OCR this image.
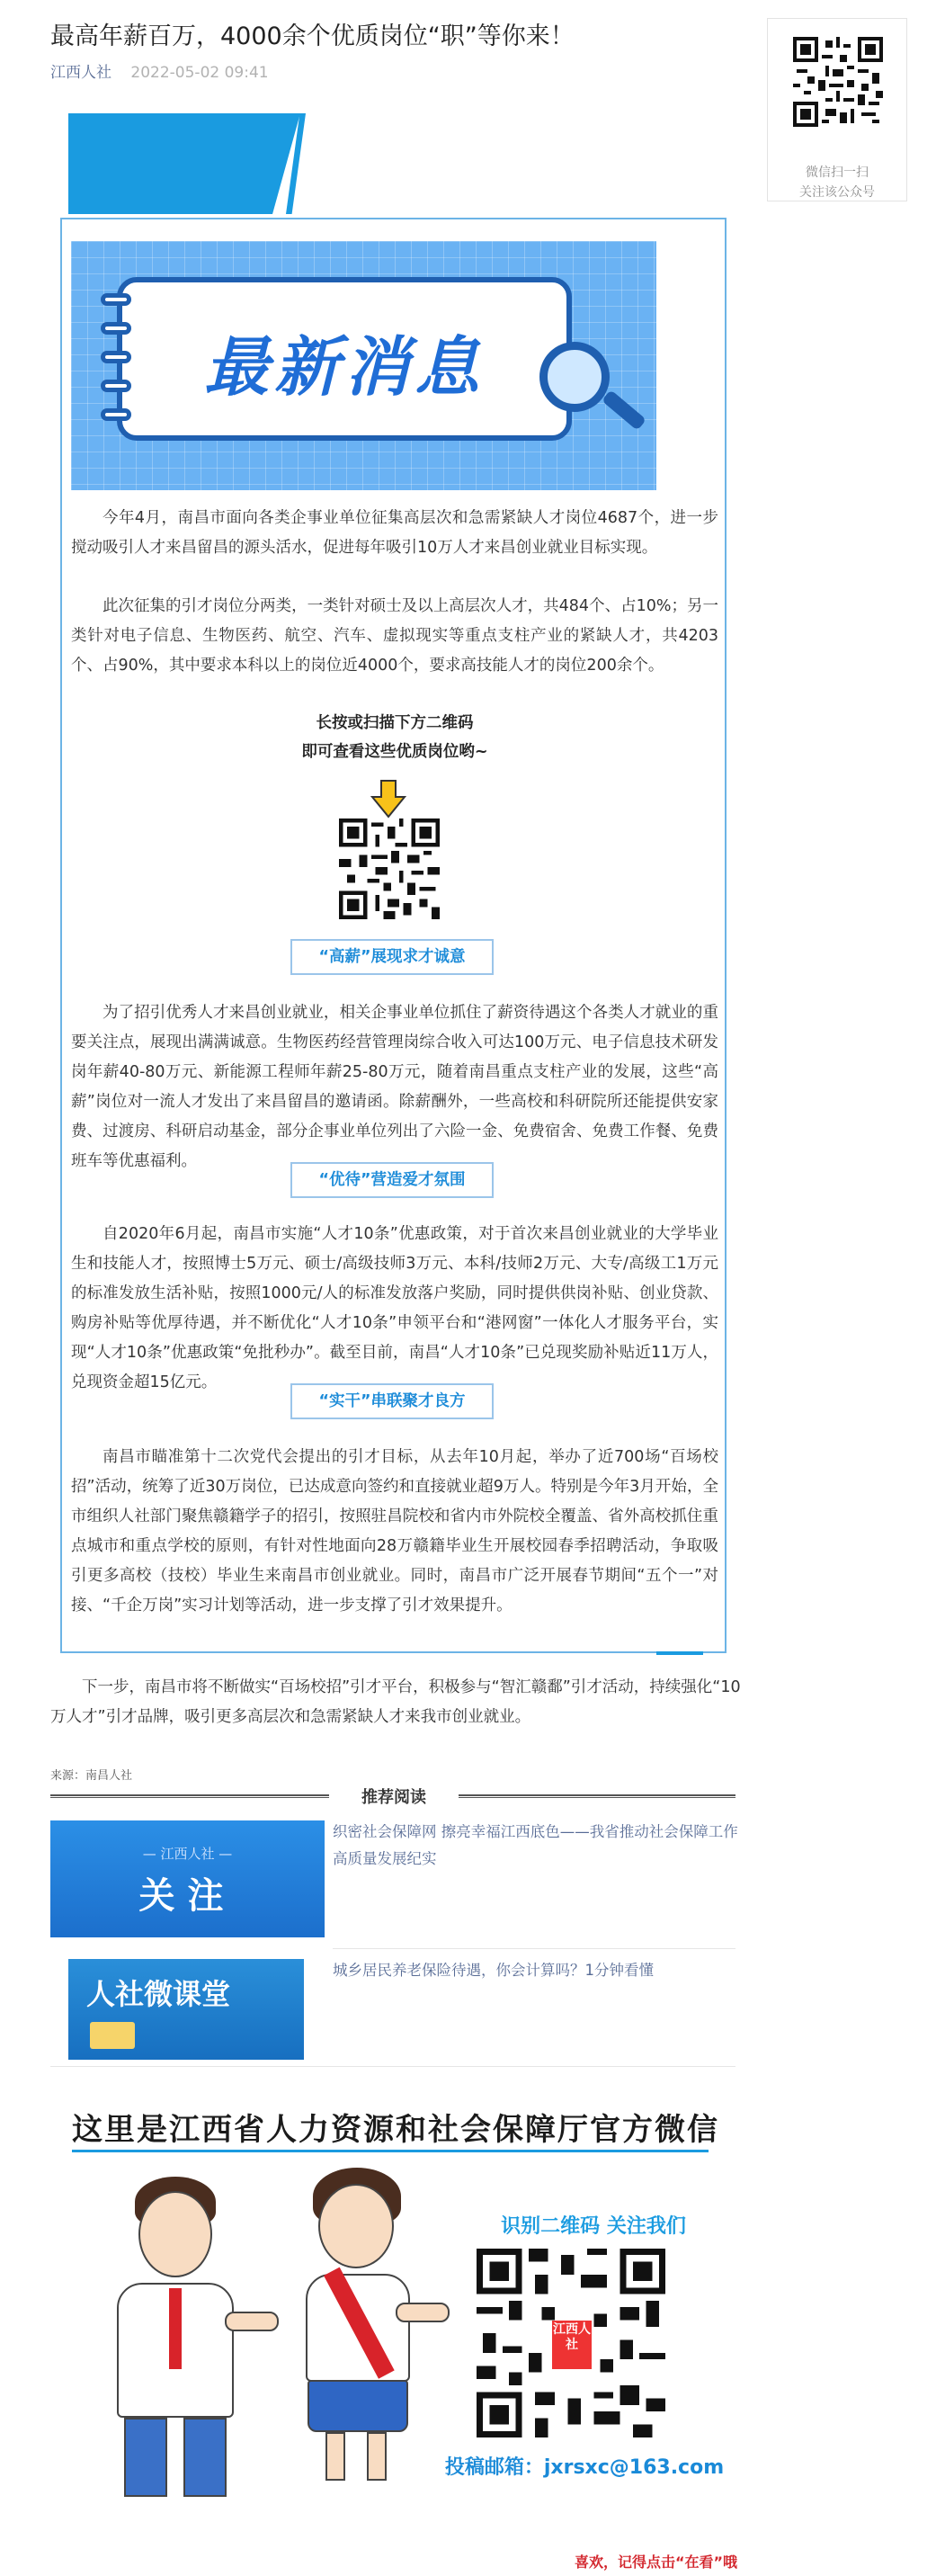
最高年薪百万，4000余个优质岗位“职”等你来！
江西人社 2022-05-02 09:41
微信扫一扫
关注该公众号
最新消息

今年4月，南昌市面向各类企事业单位征集高层次和急需紧缺人才岗位4687个，进一步搅动吸引人才来昌留昌的源头活水，促进每年吸引10万人才来昌创业就业目标实现。

此次征集的引才岗位分两类，一类针对硕士及以上高层次人才，共484个、占10%；另一类针对电子信息、生物医药、航空、汽车、虚拟现实等重点支柱产业的紧缺人才，共4203个、占90%，其中要求本科以上的岗位近4000个，要求高技能人才的岗位200余个。

长按或扫描下方二维码
即可查看这些优质岗位哟~
“高薪”展现求才诚意

为了招引优秀人才来昌创业就业，相关企事业单位抓住了薪资待遇这个各类人才就业的重要关注点，展现出满满诚意。生物医药经营管理岗综合收入可达100万元、电子信息技术研发岗年薪40-80万元、新能源工程师年薪25-80万元，随着南昌重点支柱产业的发展，这些“高薪”岗位对一流人才发出了来昌留昌的邀请函。除薪酬外，一些高校和科研院所还能提供安家费、过渡房、科研启动基金，部分企事业单位列出了六险一金、免费宿舍、免费工作餐、免费班车等优惠福利。

“优待”营造爱才氛围

自2020年6月起，南昌市实施“人才10条”优惠政策，对于首次来昌创业就业的大学毕业生和技能人才，按照博士5万元、硕士/高级技师3万元、本科/技师2万元、大专/高级工1万元的标准发放生活补贴，按照1000元/人的标准发放落户奖励，同时提供供岗补贴、创业贷款、购房补贴等优厚待遇，并不断优化“人才10条”申领平台和“港网窗”一体化人才服务平台，实现“人才10条”优惠政策“免批秒办”。截至目前，南昌“人才10条”已兑现奖励补贴近11万人，兑现资金超15亿元。

“实干”串联聚才良方

南昌市瞄准第十二次党代会提出的引才目标，从去年10月起，举办了近700场“百场校招”活动，统筹了近30万岗位，已达成意向签约和直接就业超9万人。特别是今年3月开始，全市组织人社部门聚焦赣籍学子的招引，按照驻昌院校和省内市外院校全覆盖、省外高校抓住重点城市和重点学校的原则，有针对性地面向28万赣籍毕业生开展校园春季招聘活动，争取吸引更多高校（技校）毕业生来南昌市创业就业。同时，南昌市广泛开展春节期间“五个一”对接、“千企万岗”实习计划等活动，进一步支撑了引才效果提升。

下一步，南昌市将不断做实“百场校招”引才平台，积极参与“智汇赣鄱”引才活动，持续强化“10万人才”引才品牌，吸引更多高层次和急需紧缺人才来我市创业就业。

来源：南昌人社
推荐阅读
— 江西人社 —
关注
织密社会保障网 擦亮幸福江西底色——我省推动社会保障工作高质量发展纪实
人社微课堂
城乡居民养老保险待遇，你会计算吗？1分钟看懂
这里是江西省人力资源和社会保障厅官方微信
识别二维码 关注我们
江西人社
投稿邮箱：jxrsxc@163.com
喜欢，记得点击“在看”哦
